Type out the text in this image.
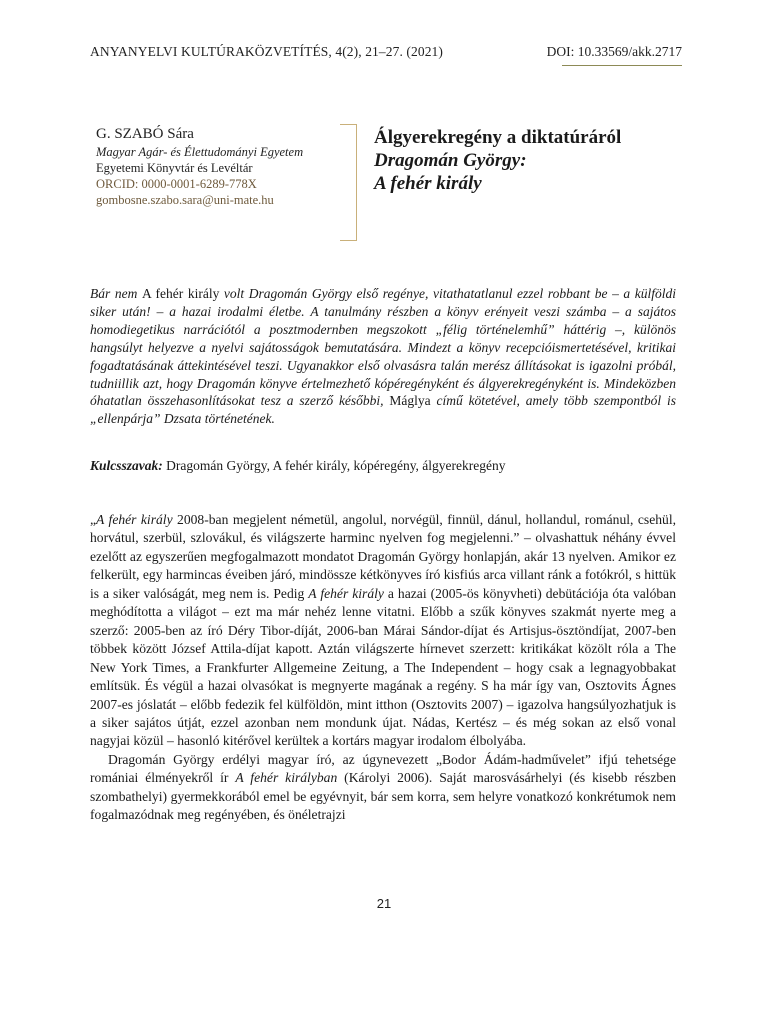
ANYANYELVI KULTÚRAKÖZVETÍTÉS, 4(2), 21–27. (2021)	DOI: 10.33569/akk.2717
G. SZABÓ Sára
Magyar Agár- és Élettudományi Egyetem
Egyetemi Könyvtár és Levéltár
ORCID: 0000-0001-6289-778X
gombosne.szabo.sara@uni-mate.hu
Álgyerekregény a diktatúráról
Dragomán György:
A fehér király
Bár nem A fehér király volt Dragomán György első regénye, vitathatatlanul ezzel robbant be – a külföldi siker után! – a hazai irodalmi életbe. A tanulmány részben a könyv erényeit veszi számba – a sajátos homodiegetikus narrációtól a posztmodernben megszokott „félig történelemhű” háttérig –, különös hangsúlyt helyezve a nyelvi sajátosságok bemutatására. Mindezt a könyv recepcióismertetésével, kritikai fogadtatásának áttekintésével teszi. Ugyanakkor első olvasásra talán merész állításokat is igazolni próbál, tudniillik azt, hogy Dragomán könyve értelmezhető kópéregényként és álgyerekregényként is. Mindeközben óhatatlan összehasonlításokat tesz a szerző későbbi, Máglya című kötetével, amely több szempontból is „ellenpárja” Dzsata történetének.
Kulcsszavak: Dragomán György, A fehér király, kópéregény, álgyerekregény

„A fehér király 2008-ban megjelent németül, angolul, norvégül, finnül, dánul, hollandul, románul, csehül, horvátul, szerbül, szlovákul, és világszerte harminc nyelven fog megjelenni.” – olvashattuk néhány évvel ezelőtt az egyszerűen megfogalmazott mondatot Dragomán György honlapján, akár 13 nyelven. Amikor ez felkerült, egy harmincas éveiben járó, mindössze kétkönyves író kisfiús arca villant ránk a fotókról, s hittük is a siker valóságát, meg nem is. Pedig A fehér király a hazai (2005-ös könyvheti) debütációja óta valóban meghódította a világot – ezt ma már nehéz lenne vitatni. Előbb a szűk könyves szakmát nyerte meg a szerző: 2005-ben az író Déry Tibor-díját, 2006-ban Márai Sándor-díjat és Artisjus-ösztöndíjat, 2007-ben többek között József Attila-díjat kapott. Aztán világszerte hírnevet szerzett: kritikákat közölt róla a The New York Times, a Frankfurter Allgemeine Zeitung, a The Independent – hogy csak a legnagyobbakat említsük. És végül a hazai olvasókat is megnyerte magának a regény. S ha már így van, Osztovits Ágnes 2007-es jóslatát – előbb fedezik fel külföldön, mint itthon (Osztovits 2007) – igazolva hangsúlyozhatjuk is a siker sajátos útját, ezzel azonban nem mondunk újat. Nádas, Kertész – és még sokan az első vonal nagyjai közül – hasonló kitérővel kerültek a kortárs magyar irodalom élbolyába.

Dragomán György erdélyi magyar író, az úgynevezett „Bodor Ádám-hadművelet” ifjú tehetsége romániai élményekről ír A fehér királyban (Károlyi 2006). Saját marosvásárhelyi (és kisebb részben szombathelyi) gyermekkorából emel be egyévnyit, bár sem korra, sem helyre vonatkozó konkrétumok nem fogalmazódnak meg regényében, és önéletrajzi

21
